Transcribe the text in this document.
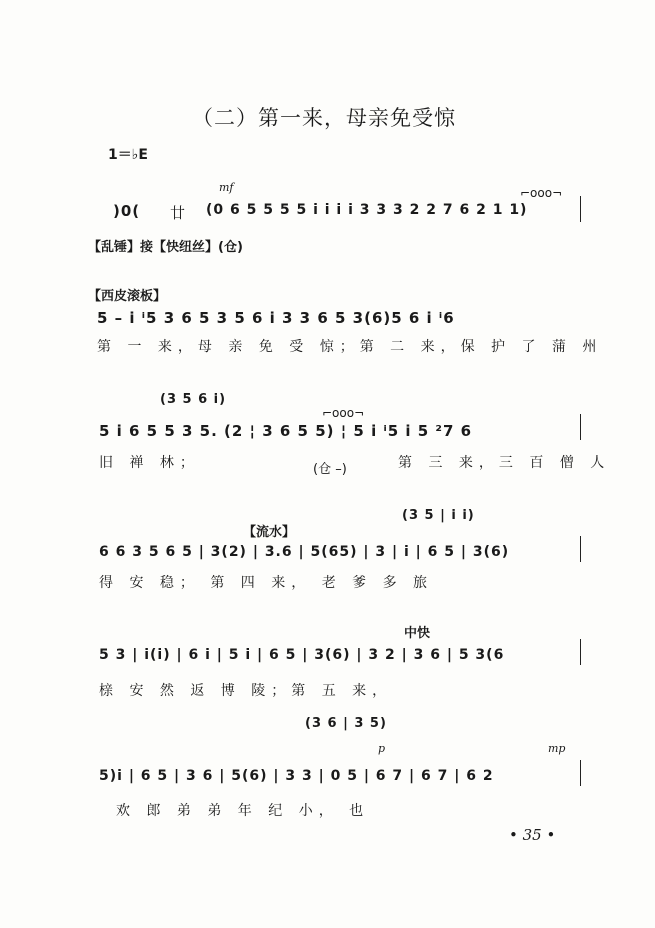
（二）第一来，母亲免受惊
1＝♭E
)0( 廿
mf	⌐ooo¬
(0 6 5 5 5 5 i i i i 3 3 3 2 2 7 6 2 1 1)
【乱锤】接【快纽丝】(仓)
【西皮滚板】
5 – i ⁱ5 3 6 5 3 5 6 i 3 3 6 5 3(6)5 6 i ⁱ6
第 一 来，母 亲 免 受 惊；第 二 来，保 护 了 蒲 州
(3 5 6 i)
⌐ooo¬
5 i 6 5 5 3 5. (2 ¦ 3 6 5 5) ¦ 5 i ⁱ5 i 5 ²7 6
旧 禅 林；	(仓 –)	第 三 来，三 百 僧 人
(3 5 | i i)
【流水】
6 6 3 5 6 5 | 3(2) | 3.6 | 5(65) | 3 | i | 6 5 | 3(6)
得 安 稳； 第 四 来， 老 爹 多 旅
中快
5 3 | i(i) | 6 i | 5 i | 6 5 | 3(6) | 3 2 | 3 6 | 5 3(6
榇 安 然 返 博 陵；第 五 来，
(3 6 | 3 5)
p	mp
5)i | 6 5 | 3 6 | 5(6) | 3 3 | 0 5 | 6 7 | 6 7 | 6 2
欢 郎 弟 弟 年 纪 小， 也
• 35 •
